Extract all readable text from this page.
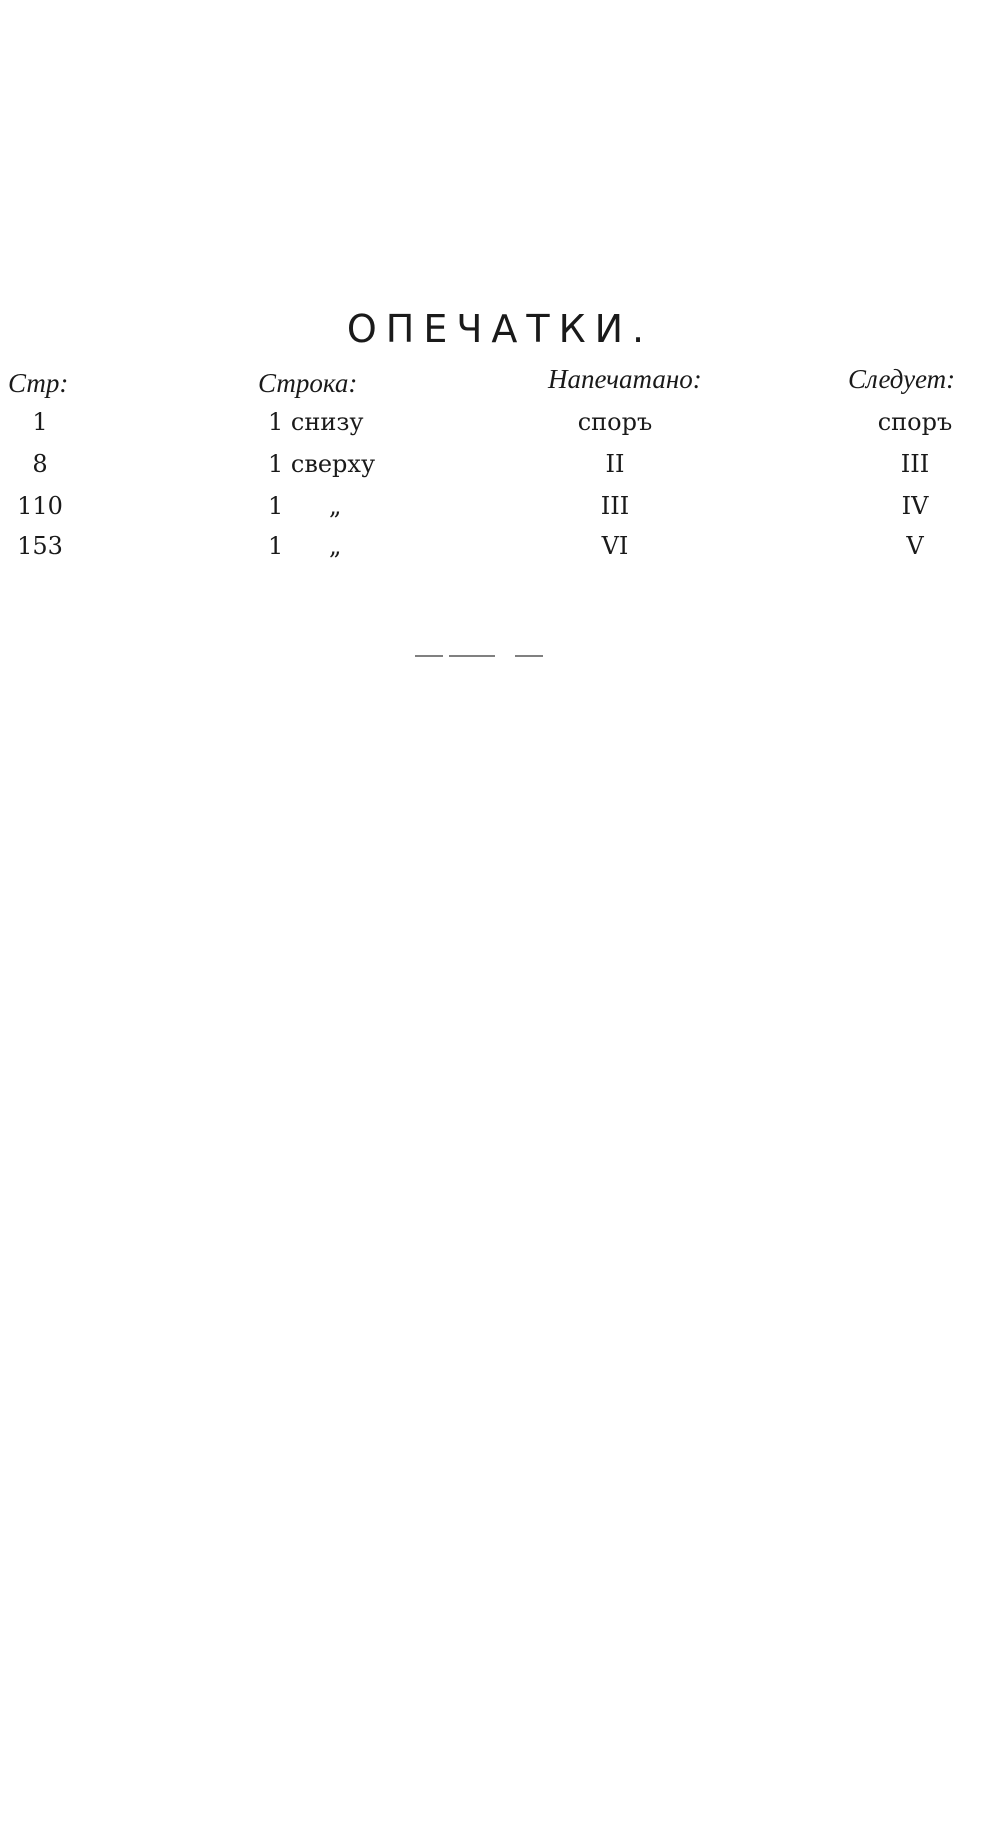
ОПЕЧАТКИ.
Стр:	Строка:	Напечатано:	Следует:
1	1 снизу	споръ	споръ
8	1 сверху	II	III
110	1      „	III	IV
153	1      „	VI	V
